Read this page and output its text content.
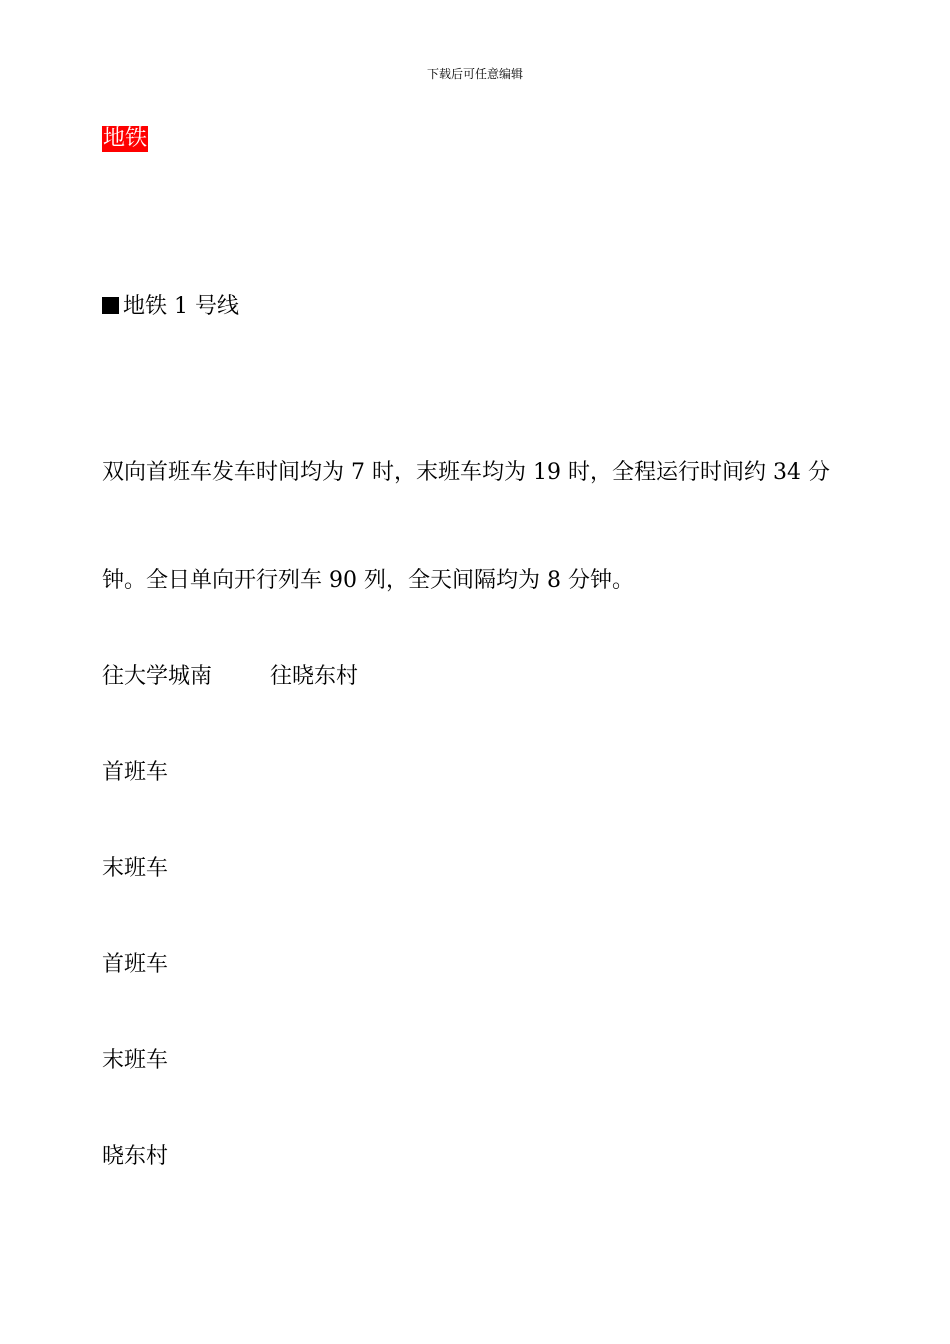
下载后可任意编辑
地铁
地铁 1 号线
双向首班车发车时间均为 7 时，末班车均为 19 时，全程运行时间约 34 分
钟。全日单向开行列车 90 列，全天间隔均为 8 分钟。
往大学城南	往晓东村
首班车
末班车
首班车
末班车
晓东村
